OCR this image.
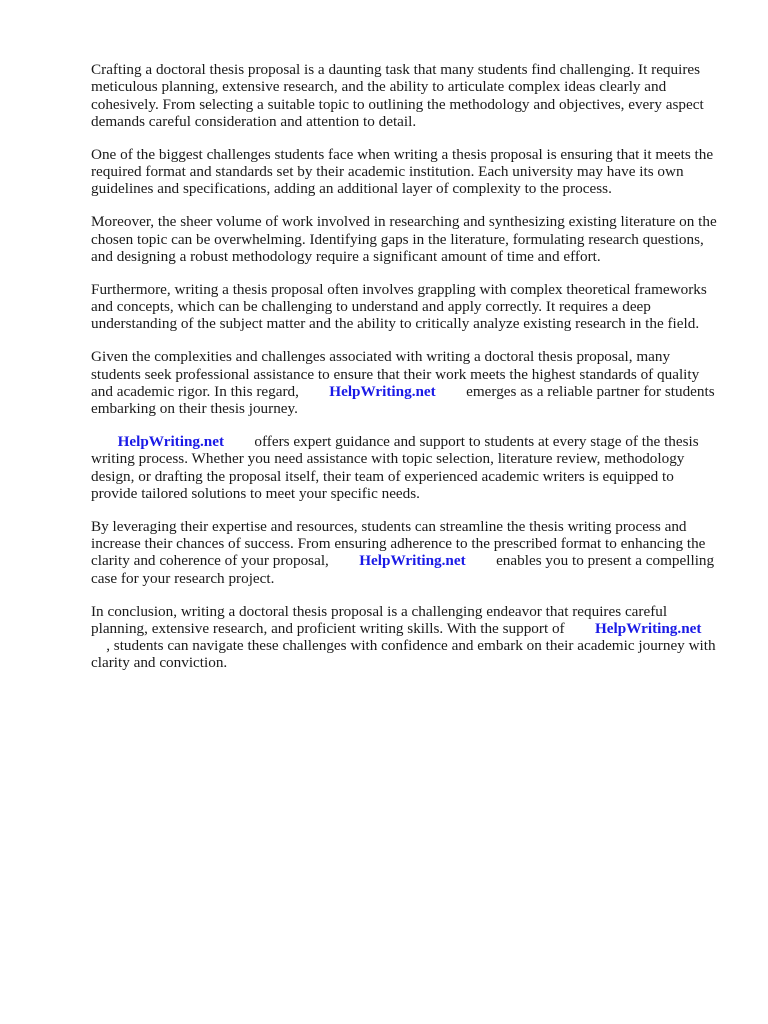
Crafting a doctoral thesis proposal is a daunting task that many students find challenging. It requires meticulous planning, extensive research, and the ability to articulate complex ideas clearly and cohesively. From selecting a suitable topic to outlining the methodology and objectives, every aspect demands careful consideration and attention to detail.

One of the biggest challenges students face when writing a thesis proposal is ensuring that it meets the required format and standards set by their academic institution. Each university may have its own guidelines and specifications, adding an additional layer of complexity to the process.

Moreover, the sheer volume of work involved in researching and synthesizing existing literature on the chosen topic can be overwhelming. Identifying gaps in the literature, formulating research questions, and designing a robust methodology require a significant amount of time and effort.

Furthermore, writing a thesis proposal often involves grappling with complex theoretical frameworks and concepts, which can be challenging to understand and apply correctly. It requires a deep understanding of the subject matter and the ability to critically analyze existing research in the field.

Given the complexities and challenges associated with writing a doctoral thesis proposal, many students seek professional assistance to ensure that their work meets the highest standards of quality and academic rigor. In this regard, HelpWriting.net emerges as a reliable partner for students embarking on their thesis journey.

HelpWriting.net offers expert guidance and support to students at every stage of the thesis writing process. Whether you need assistance with topic selection, literature review, methodology design, or drafting the proposal itself, their team of experienced academic writers is equipped to provide tailored solutions to meet your specific needs.

By leveraging their expertise and resources, students can streamline the thesis writing process and increase their chances of success. From ensuring adherence to the prescribed format to enhancing the clarity and coherence of your proposal, HelpWriting.net enables you to present a compelling case for your research project.

In conclusion, writing a doctoral thesis proposal is a challenging endeavor that requires careful planning, extensive research, and proficient writing skills. With the support of HelpWriting.net
, students can navigate these challenges with confidence and embark on their academic journey with clarity and conviction.
